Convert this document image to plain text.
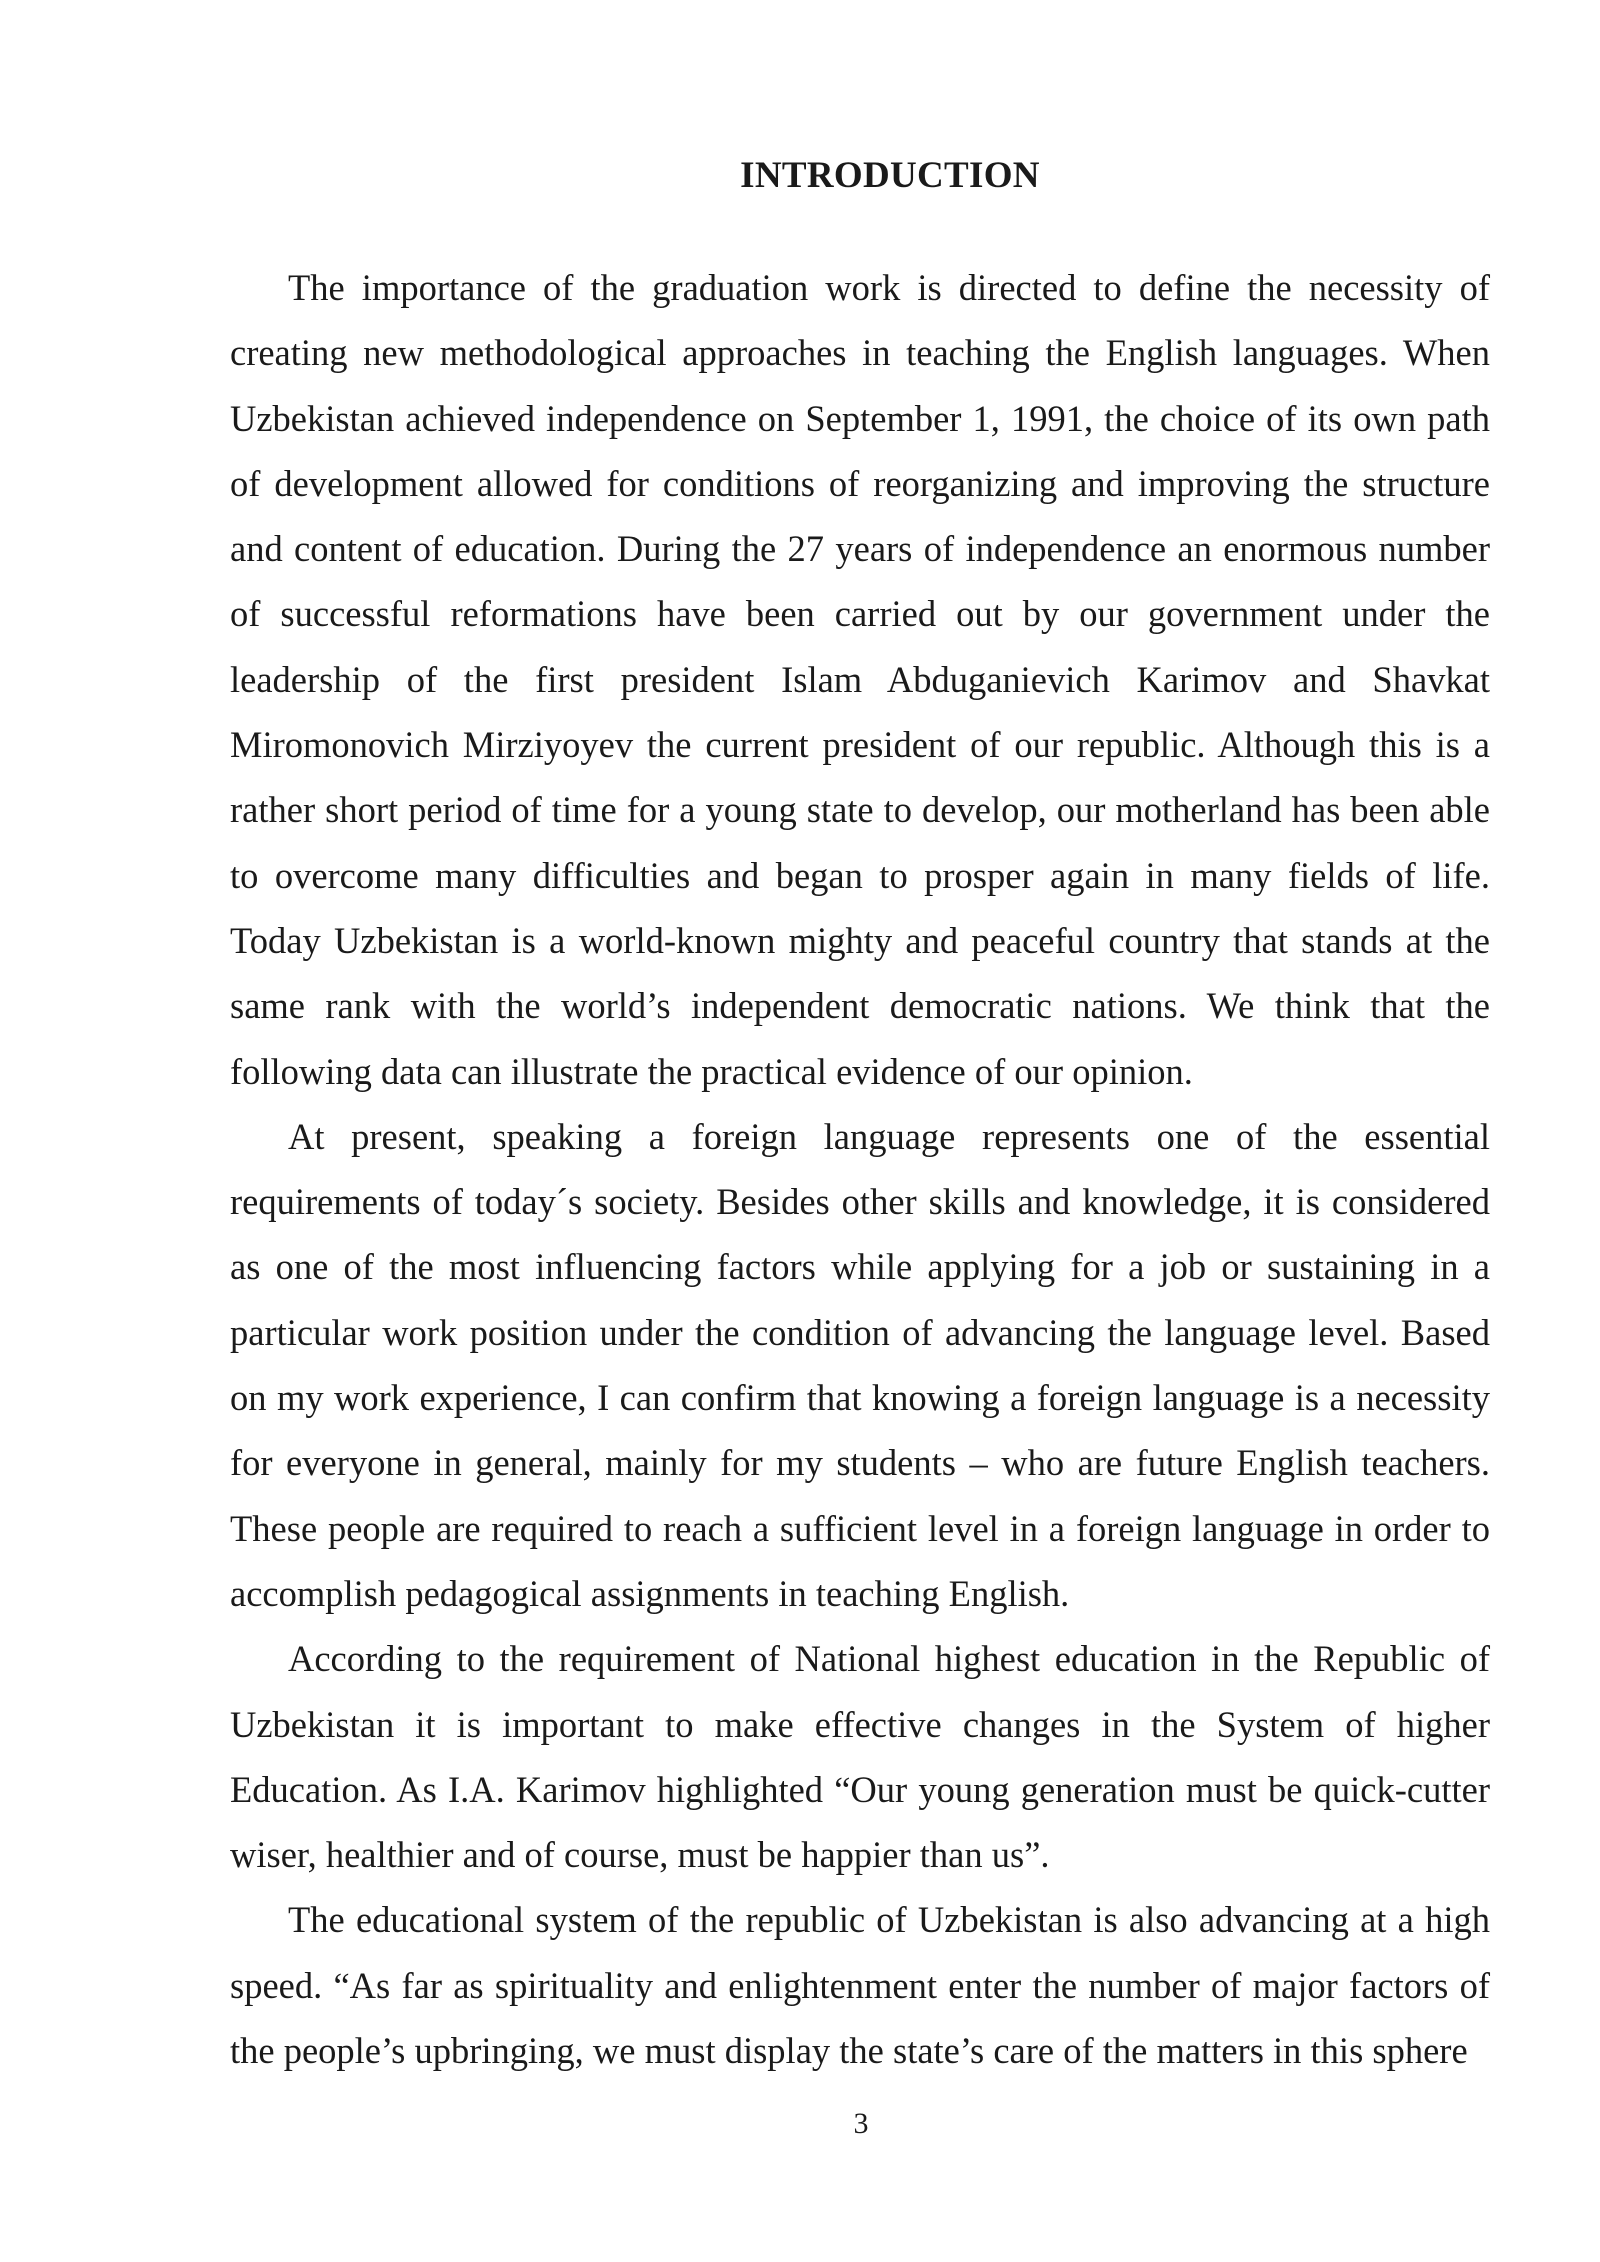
INTRODUCTION

The importance of the graduation work is directed to define the necessity of creating new methodological approaches in teaching the English languages. When Uzbekistan achieved independence on September 1, 1991, the choice of its own path of development allowed for conditions of reorganizing and improving the structure and content of education. During the 27 years of independence an enormous number of successful reformations have been carried out by our government under the leadership of the first president Islam Abduganievich Karimov and Shavkat Miromonovich Mirziyoyev the current president of our republic. Although this is a rather short period of time for a young state to develop, our motherland has been able to overcome many difficulties and began to prosper again in many fields of life. Today Uzbekistan is a world-known mighty and peaceful country that stands at the same rank with the world’s independent democratic nations. We think that the following data can illustrate the practical evidence of our opinion.

At present, speaking a foreign language represents one of the essential requirements of today´s society. Besides other skills and knowledge, it is considered as one of the most influencing factors while applying for a job or sustaining in a particular work position under the condition of advancing the language level. Based on my work experience, I can confirm that knowing a foreign language is a necessity for everyone in general, mainly for my students – who are future English teachers. These people are required to reach a sufficient level in a foreign language in order to accomplish pedagogical assignments in teaching English.

According to the requirement of National highest education in the Republic of Uzbekistan it is important to make effective changes in the System of higher Education. As I.A. Karimov highlighted “Our young generation must be quick-cutter wiser, healthier and of course, must be happier than us”.

The educational system of the republic of Uzbekistan is also advancing at a high speed. “As far as spirituality and enlightenment enter the number of major factors of the people’s upbringing, we must display the state’s care of the matters in this sphere

3
